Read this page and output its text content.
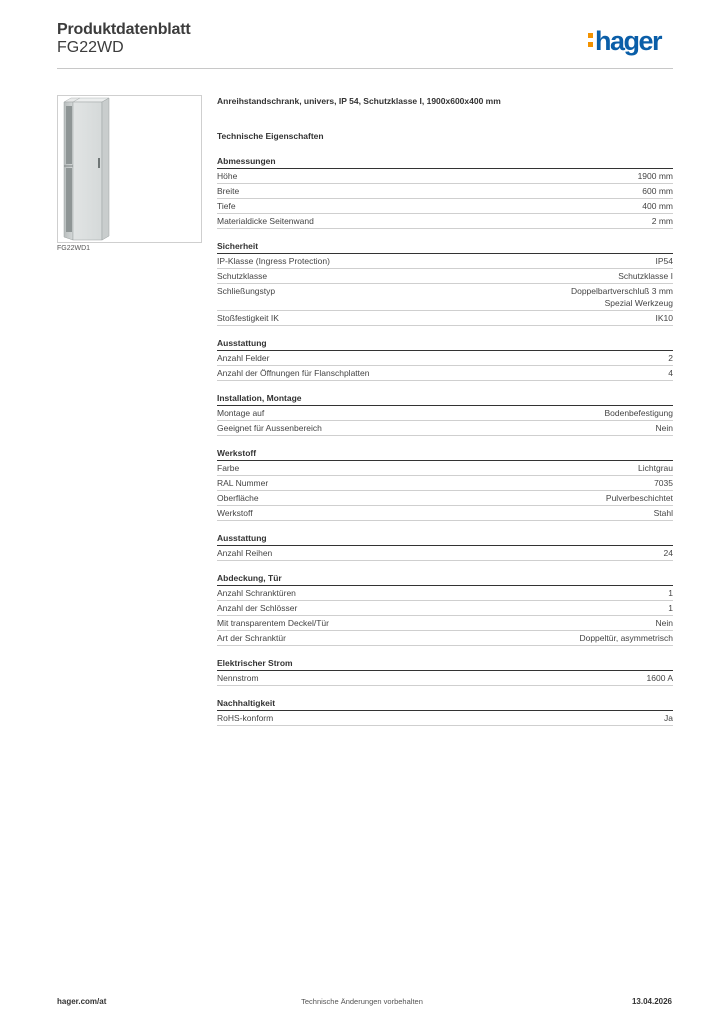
Produktdatenblatt
FG22WD	hager
FG22WD1
Anreihstandschrank, univers, IP 54, Schutzklasse I, 1900x600x400 mm
Technische Eigenschaften
Abmessungen
Höhe	1900 mm
Breite	600 mm
Tiefe	400 mm
Materialdicke Seitenwand	2 mm
Sicherheit
IP-Klasse (Ingress Protection)	IP54
Schutzklasse	Schutzklasse I
Schließungstyp	Doppelbartverschluß 3 mm
Spezial Werkzeug
Stoßfestigkeit IK	IK10
Ausstattung
Anzahl Felder	2
Anzahl der Öffnungen für Flanschplatten	4
Installation, Montage
Montage auf	Bodenbefestigung
Geeignet für Aussenbereich	Nein
Werkstoff
Farbe	Lichtgrau
RAL Nummer	7035
Oberfläche	Pulverbeschichtet
Werkstoff	Stahl
Ausstattung
Anzahl Reihen	24
Abdeckung, Tür
Anzahl Schranktüren	1
Anzahl der Schlösser	1
Mit transparentem Deckel/Tür	Nein
Art der Schranktür	Doppeltür, asymmetrisch
Elektrischer Strom
Nennstrom	1600 A
Nachhaltigkeit
RoHS-konform	Ja
hager.com/at	Technische Änderungen vorbehalten	13.04.2026
